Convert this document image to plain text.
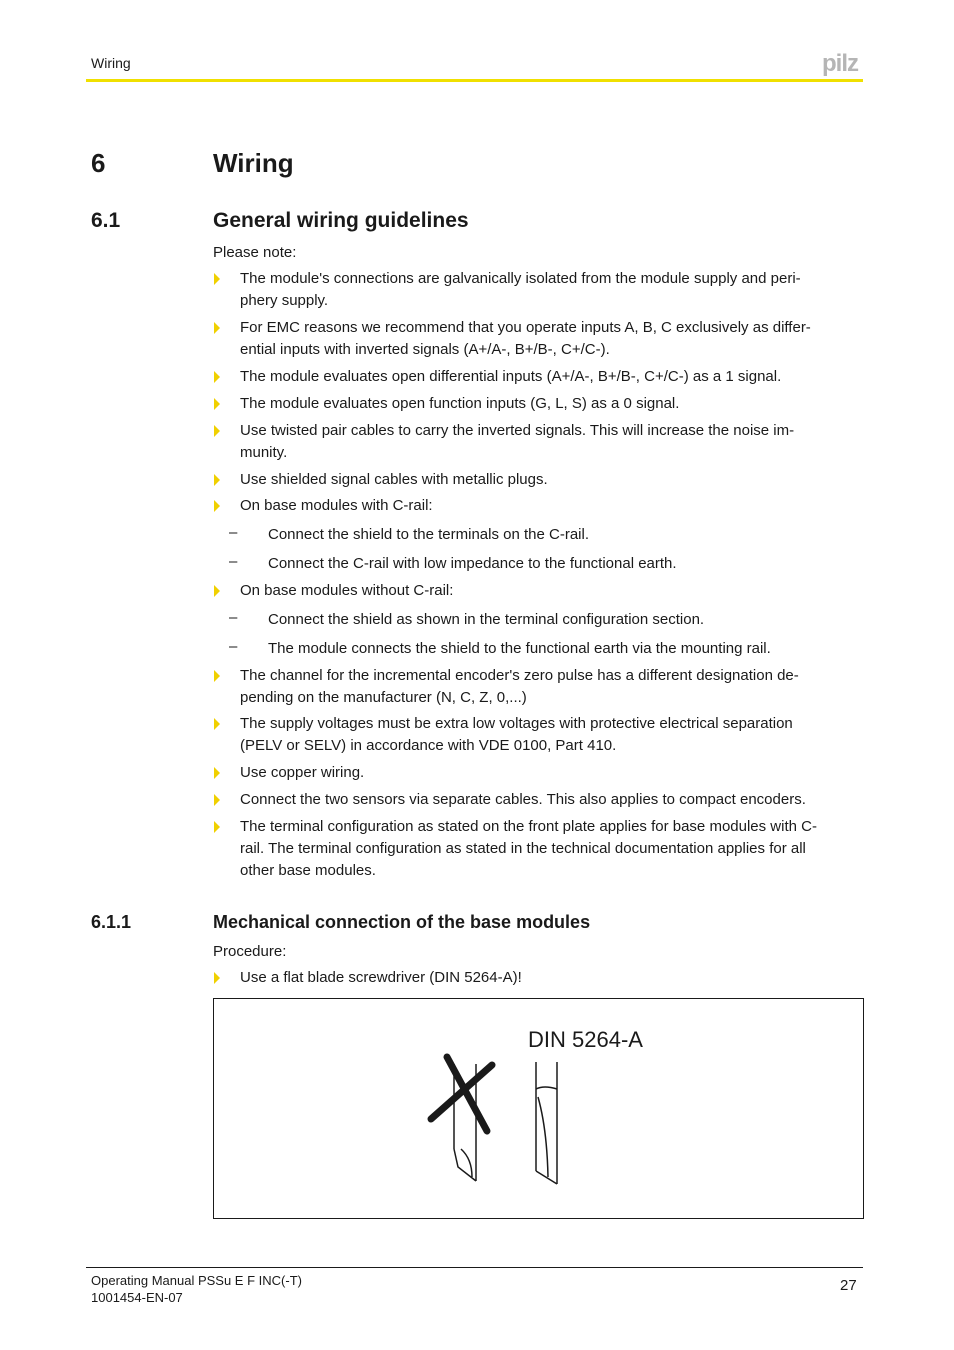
Wiring	pilz
6	Wiring
6.1	General wiring guidelines
Please note:
The module's connections are galvanically isolated from the module supply and peri-
phery supply.
For EMC reasons we recommend that you operate inputs A, B, C exclusively as differ-
ential inputs with inverted signals (A+/A-, B+/B-, C+/C-).
The module evaluates open differential inputs (A+/A-, B+/B-, C+/C-) as a 1 signal.
The module evaluates open function inputs (G, L, S) as a 0 signal.
Use twisted pair cables to carry the inverted signals. This will increase the noise im-
munity.
Use shielded signal cables with metallic plugs.
On base modules with C-rail:
– Connect the shield to the terminals on the C-rail.
– Connect the C-rail with low impedance to the functional earth.
On base modules without C-rail:
– Connect the shield as shown in the terminal configuration section.
– The module connects the shield to the functional earth via the mounting rail.
The channel for the incremental encoder's zero pulse has a different designation de-
pending on the manufacturer (N, C, Z, 0,...)
The supply voltages must be extra low voltages with protective electrical separation
(PELV or SELV) in accordance with VDE 0100, Part 410.
Use copper wiring.
Connect the two sensors via separate cables. This also applies to compact encoders.
The terminal configuration as stated on the front plate applies for base modules with C-
rail. The terminal configuration as stated in the technical documentation applies for all
other base modules.
6.1.1	Mechanical connection of the base modules
Procedure:
Use a flat blade screwdriver (DIN 5264-A)!
DIN 5264-A
Operating Manual PSSu E F INC(-T)
1001454-EN-07
27
